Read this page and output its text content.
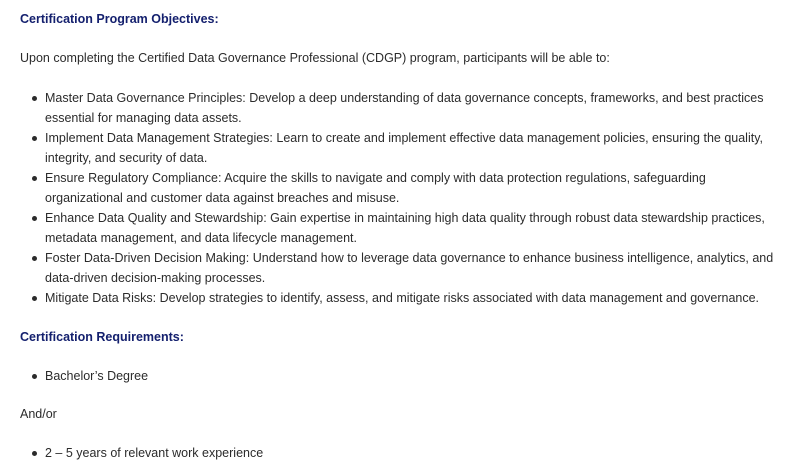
Certification Program Objectives:

Upon completing the Certified Data Governance Professional (CDGP) program, participants will be able to:

Master Data Governance Principles: Develop a deep understanding of data governance concepts, frameworks, and best practices
essential for managing data assets.
Implement Data Management Strategies: Learn to create and implement effective data management policies, ensuring the quality,
integrity, and security of data.
Ensure Regulatory Compliance: Acquire the skills to navigate and comply with data protection regulations, safeguarding
organizational and customer data against breaches and misuse.
Enhance Data Quality and Stewardship: Gain expertise in maintaining high data quality through robust data stewardship practices,
metadata management, and data lifecycle management.
Foster Data-Driven Decision Making: Understand how to leverage data governance to enhance business intelligence, analytics, and
data-driven decision-making processes.
Mitigate Data Risks: Develop strategies to identify, assess, and mitigate risks associated with data management and governance.
Certification Requirements:
Bachelor’s Degree

And/or

2 – 5 years of relevant work experience
